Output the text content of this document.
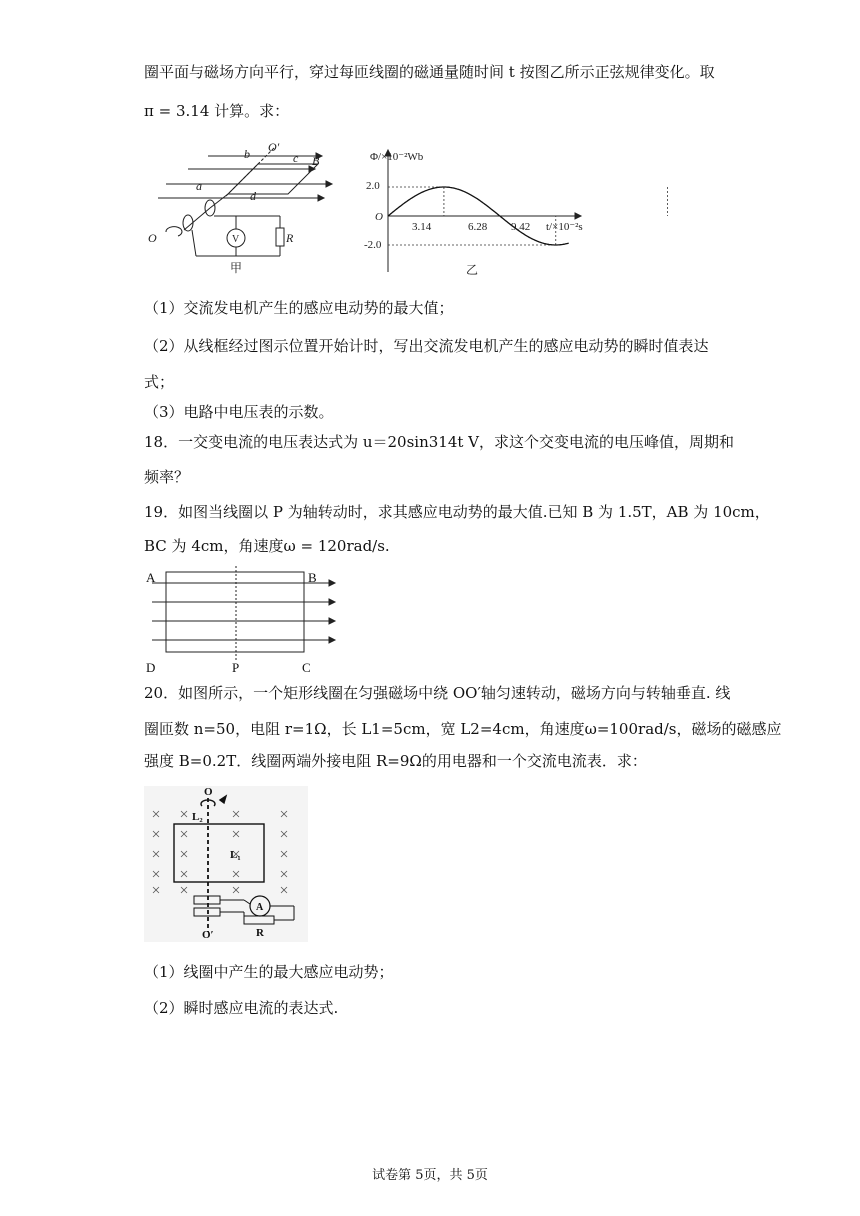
圈平面与磁场方向平行，穿过每匝线圈的磁通量随时间 t 按图乙所示正弦规律变化。取
π = 3.14 计算。求：
O′
b	c B
a
d
O	R
V
甲
Φ/×10⁻²Wb
t/×10⁻²s
O
2.0
-2.0
3.14	6.28 9.42
乙
（1）交流发电机产生的感应电动势的最大值；
（2）从线框经过图示位置开始计时，写出交流发电机产生的感应电动势的瞬时值表达
式；
（3）电路中电压表的示数。
18．一交变电流的电压表达式为 u＝20sin314t V，求这个交变电流的电压峰值，周期和
频率？
19．如图当线圈以 P 为轴转动时，求其感应电动势的最大值.已知 B 为 1.5T，AB 为 10cm，
BC 为 4cm，角速度ω = 120rad/s.
A	B
D	P	C
20．如图所示，一个矩形线圈在匀强磁场中绕 OO′轴匀速转动，磁场方向与转轴垂直. 线
圈匝数 n=50，电阻 r=1Ω，长 L1=5cm，宽 L2=4cm，角速度ω=100rad/s，磁场的磁感应
强度 B=0.2T．线圈两端外接电阻 R=9Ω的用电器和一个交流电流表．求：
O
L₂
L₁
A
R
O′
（1）线圈中产生的最大感应电动势；
（2）瞬时感应电流的表达式.
试卷第 5页，共 5页
